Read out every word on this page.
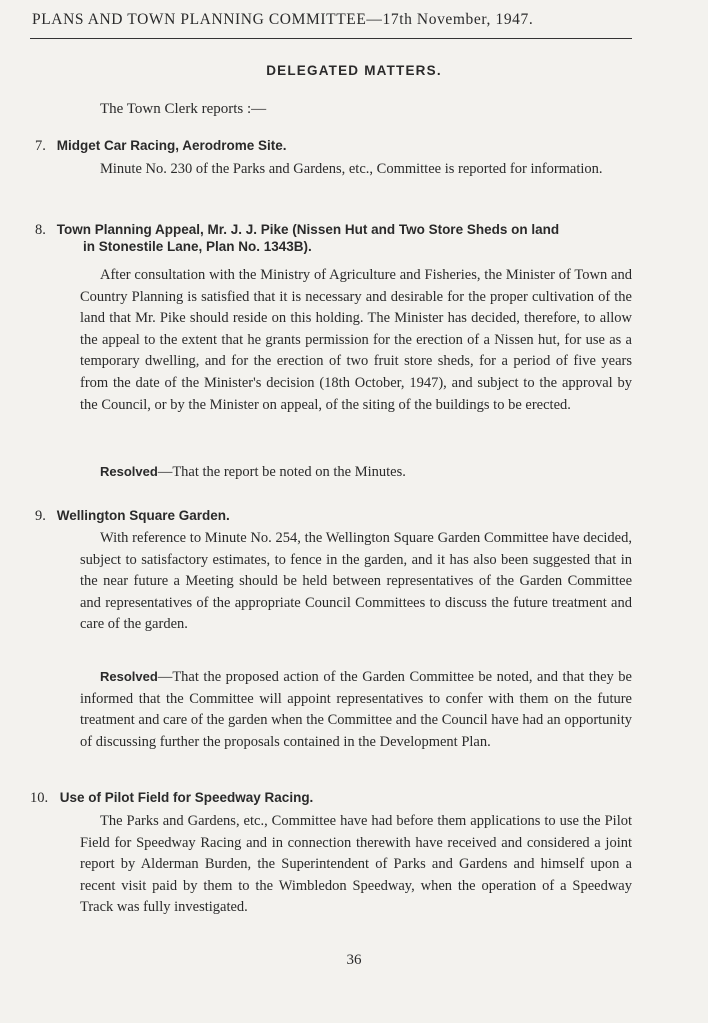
PLANS AND TOWN PLANNING COMMITTEE—17th November, 1947.
DELEGATED MATTERS.
The Town Clerk reports :—
7. Midget Car Racing, Aerodrome Site.
Minute No. 230 of the Parks and Gardens, etc., Committee is reported for information.
8. Town Planning Appeal, Mr. J. J. Pike (Nissen Hut and Two Store Sheds on land
in Stonestile Lane, Plan No. 1343B).
After consultation with the Ministry of Agriculture and Fisheries, the Minister of Town and Country Planning is satisfied that it is necessary and desirable for the proper cultivation of the land that Mr. Pike should reside on this holding. The Minister has decided, therefore, to allow the appeal to the extent that he grants permission for the erection of a Nissen hut, for use as a temporary dwelling, and for the erection of two fruit store sheds, for a period of five years from the date of the Minister's decision (18th October, 1947), and subject to the approval by the Council, or by the Minister on appeal, of the siting of the buildings to be erected.
Resolved—That the report be noted on the Minutes.
9. Wellington Square Garden.
With reference to Minute No. 254, the Wellington Square Garden Committee have decided, subject to satisfactory estimates, to fence in the garden, and it has also been suggested that in the near future a Meeting should be held between representatives of the Garden Committee and representatives of the appropriate Council Committees to discuss the future treatment and care of the garden.
Resolved—That the proposed action of the Garden Committee be noted, and that they be informed that the Committee will appoint representatives to confer with them on the future treatment and care of the garden when the Committee and the Council have had an opportunity of discussing further the proposals contained in the Development Plan.
10. Use of Pilot Field for Speedway Racing.
The Parks and Gardens, etc., Committee have had before them applications to use the Pilot Field for Speedway Racing and in connection therewith have received and considered a joint report by Alderman Burden, the Superintendent of Parks and Gardens and himself upon a recent visit paid by them to the Wimbledon Speedway, when the operation of a Speedway Track was fully investigated.
36
